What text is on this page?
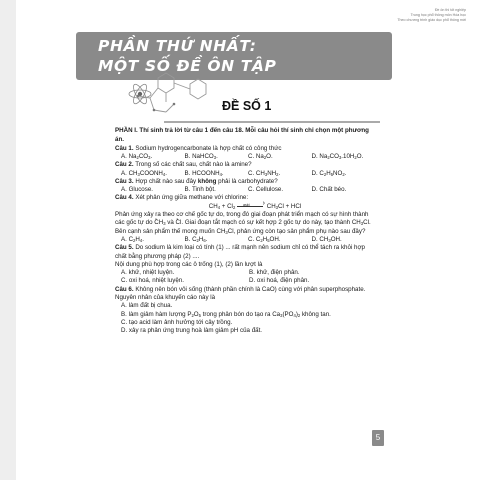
Đề ôn thi tốt nghiệp
Trung học phổ thông môn Hóa học
Theo chương trình giáo dục phổ thông mới
PHẦN THỨ NHẤT:
MỘT SỐ ĐỀ ÔN TẬP
ĐỀ SỐ 1

PHẦN I. Thí sinh trả lời từ câu 1 đến câu 18. Mỗi câu hỏi thí sinh chỉ chọn một phương án.

Câu 1. Sodium hydrogencarbonate là hợp chất có công thức

A. $Na_2CO_3$.	B. NaHCO$_3$.	C. $Na_2O$.	D. $Na_2CO_3.10H_2O$.

Câu 2. Trong số các chất sau, chất nào là amine?

A. $CH_3COONH_4$.	B. $HCOONH_4$.	C. $CH_3NH_2$.	D. $C_2H_5NO_2$.

Câu 3. Hợp chất nào sau đây không phải là carbohydrate?

A. Glucose.	B. Tinh bột.	C. Cellulose.	D. Chất béo.

Câu 4. Xét phản ứng giữa methane với chlorine:

$CH_4 + Cl_2$ › askt $CH_3Cl$ + HCl

Phản ứng xảy ra theo cơ chế gốc tự do, trong đó giai đoạn phát triển mạch có sự hình thành các gốc tự do • $CH_3$ và • Cl. Giai đoạn tắt mạch có sự kết hợp 2 gốc tự do này, tạo thành $CH_3Cl$.

Bên cạnh sản phẩm thế mong muốn $CH_3Cl$, phản ứng còn tạo sản phẩm phụ nào sau đây?

A. $C_2H_4$.	B. $C_2H_6$.	C. $C_2H_5OH$.	D. $CH_3OH$.

Câu 5. Do sodium là kim loại có tính (1) ... rất mạnh nên sodium chỉ có thể tách ra khỏi hợp chất bằng phương pháp (2) ....

Nội dung phù hợp trong các ô trống (1), (2) lần lượt là

A. khử, nhiệt luyện.	B. khử, điện phân.
C. oxi hoá, nhiệt luyện.	D. oxi hoá, điện phân.

Câu 6. Không nên bón vôi sống (thành phần chính là CaO) cùng với phân superphosphate. Nguyên nhân của khuyến cáo này là

A. làm đất bị chua.

B. làm giảm hàm lượng $P_2O_5$ trong phân bón do tạo ra $Ca_3(PO_4)_2$ không tan.

C. tạo acid làm ảnh hưởng tới cây trồng.

D. xảy ra phản ứng trung hoà làm giảm pH của đất.

5
